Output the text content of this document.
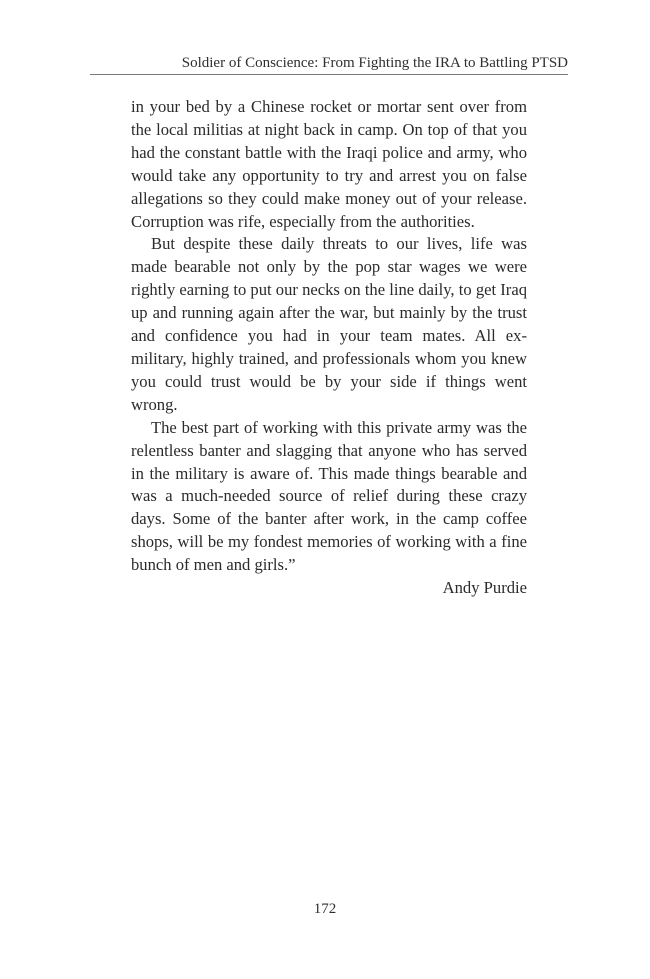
Soldier of Conscience: From Fighting the IRA to Battling PTSD

in your bed by a Chinese rocket or mortar sent over from the local militias at night back in camp. On top of that you had the constant battle with the Iraqi police and army, who would take any opportunity to try and arrest you on false allegations so they could make money out of your release. Corruption was rife, especially from the authorities.

But despite these daily threats to our lives, life was made bearable not only by the pop star wages we were rightly earning to put our necks on the line daily, to get Iraq up and running again after the war, but mainly by the trust and confidence you had in your team mates. All ex-military, highly trained, and professionals whom you knew you could trust would be by your side if things went wrong.

The best part of working with this private army was the relentless banter and slagging that anyone who has served in the military is aware of. This made things bearable and was a much-needed source of relief during these crazy days. Some of the banter after work, in the camp coffee shops, will be my fondest memories of working with a fine bunch of men and girls.”

Andy Purdie

172
